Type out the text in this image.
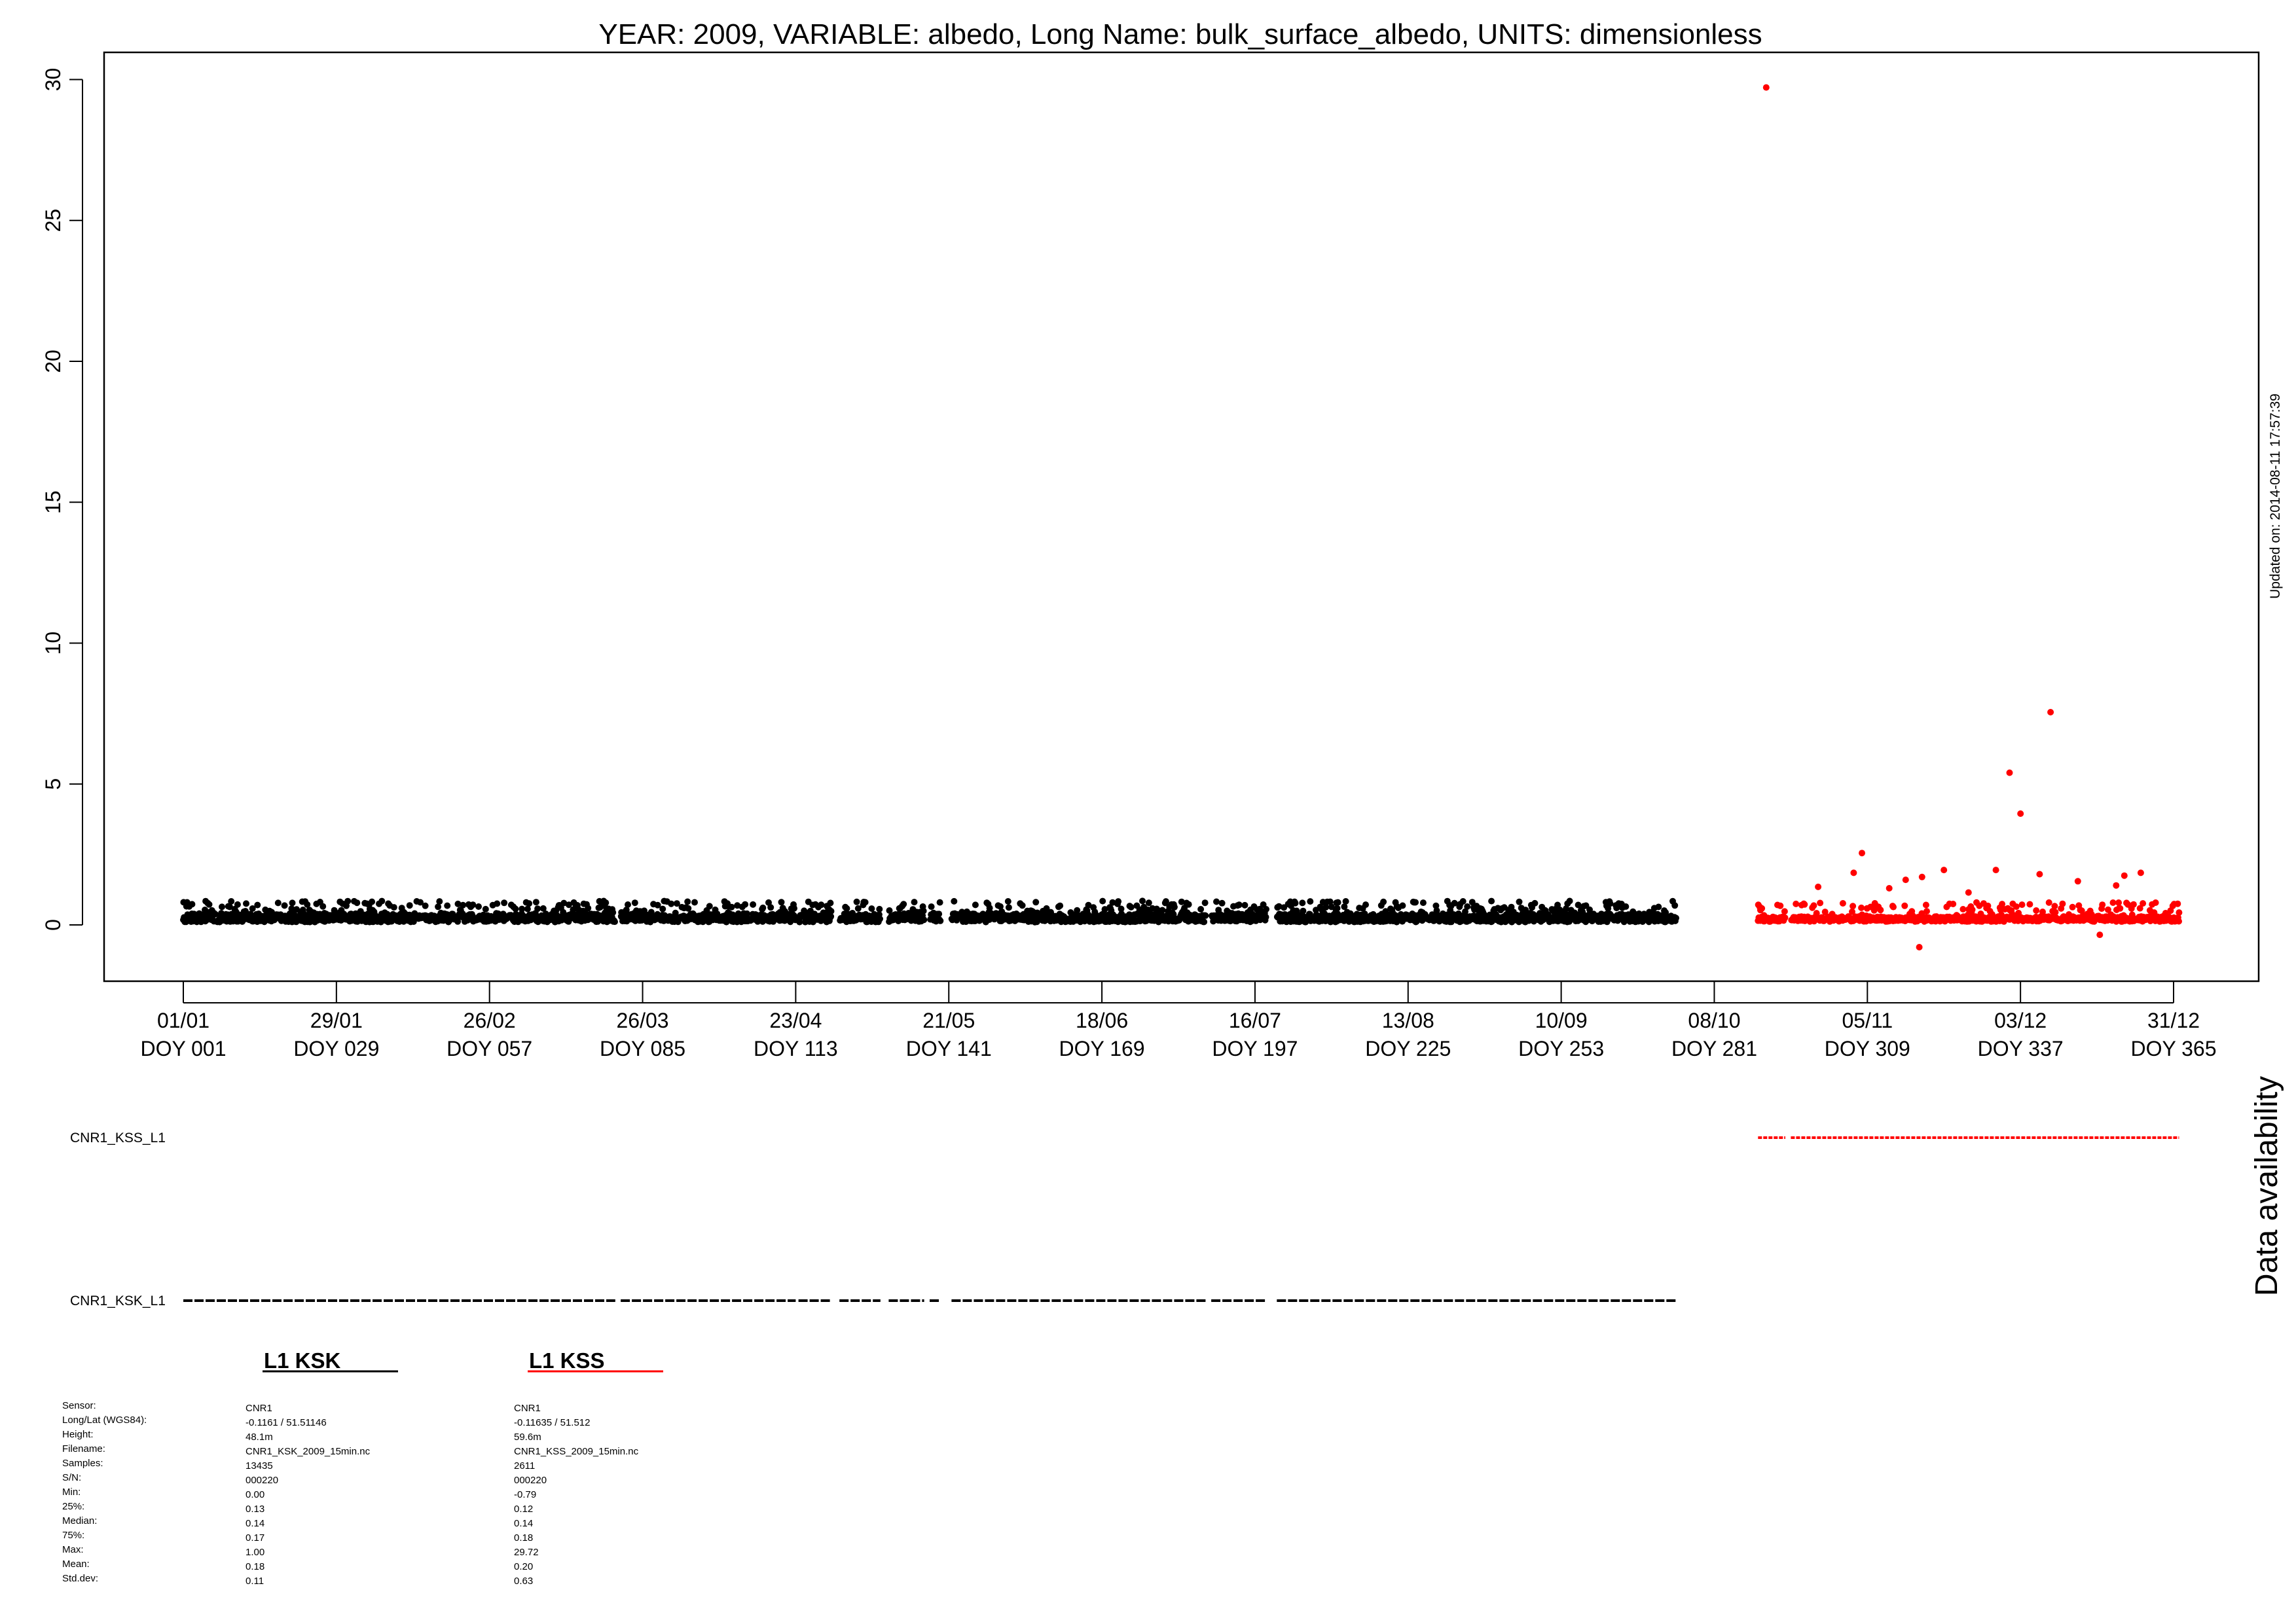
YEAR: 2009, VARIABLE: albedo, Long Name: bulk_surface_albedo, UNITS: dimensionless
0
5
10
15
20
25
30
01/01
DOY 001
29/01
DOY 029
26/02
DOY 057
26/03
DOY 085
23/04
DOY 113
21/05
DOY 141
18/06
DOY 169
16/07
DOY 197
13/08
DOY 225
10/09
DOY 253
08/10
DOY 281
05/11
DOY 309
03/12
DOY 337
31/12
DOY 365
Updated on: 2014-08-11 17:57:39
CNR1_KSK_L1
CNR1_KSS_L1	Data availability
L1 KSK	L1 KSS
Sensor:	CNR1	CNR1
Long/Lat (WGS84):	-0.1161 / 51.51146	-0.11635 / 51.512
Height:	48.1m	59.6m
Filename:	CNR1_KSK_2009_15min.nc	CNR1_KSS_2009_15min.nc
Samples:	13435	2611
S/N:	000220	000220
Min:	0.00	-0.79
25%:	0.13	0.12
Median:	0.14	0.14
75%:	0.17	0.18
Max:	1.00	29.72
Mean:	0.18	0.20
Std.dev:	0.11	0.63
